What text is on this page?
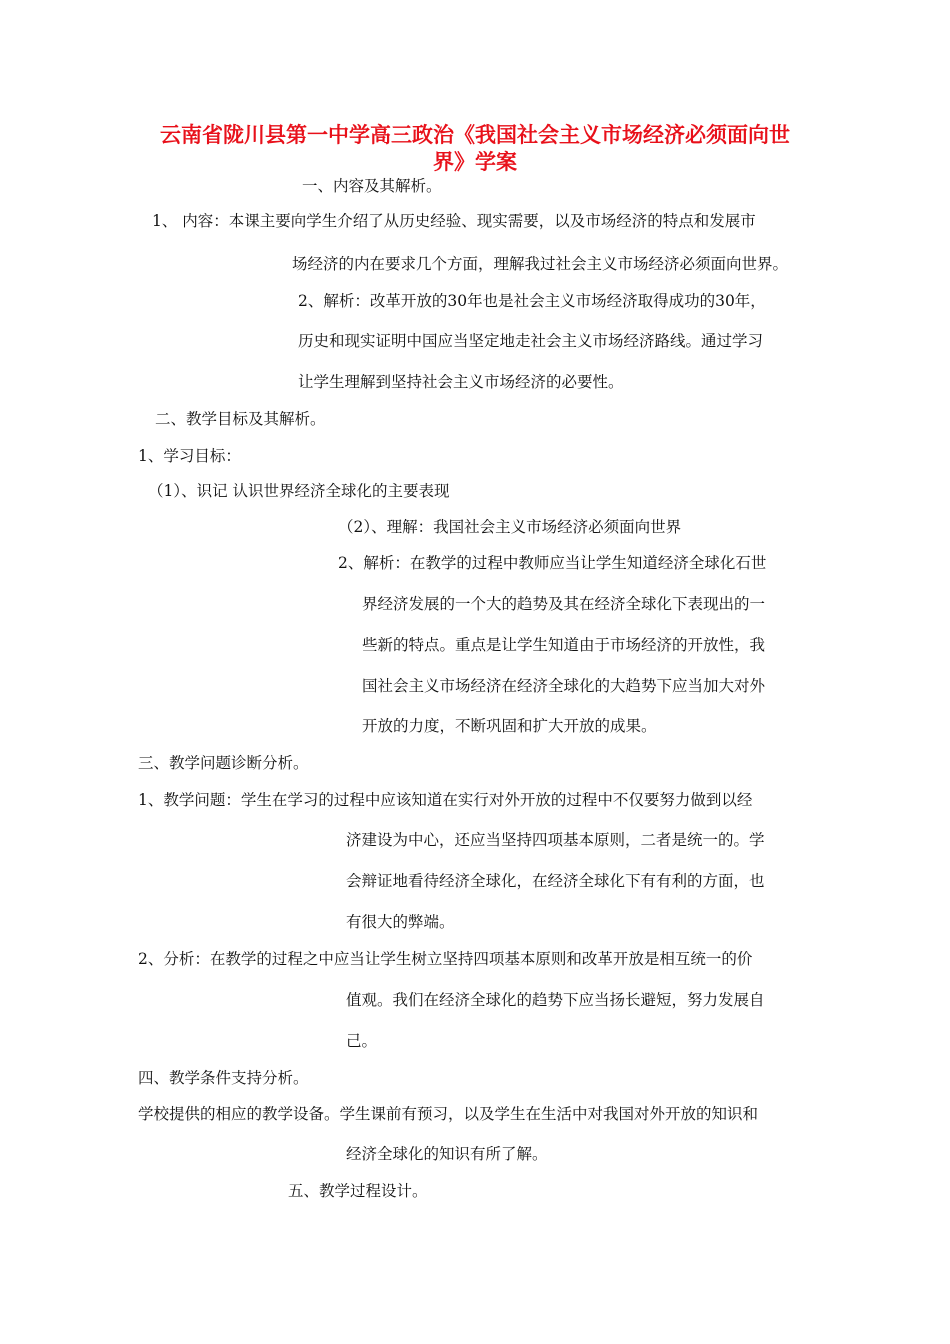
云南省陇川县第一中学高三政治《我国社会主义市场经济必须面向世
界》学案
一、内容及其解析。
1、 内容：本课主要向学生介绍了从历史经验、现实需要，以及市场经济的特点和发展市
场经济的内在要求几个方面，理解我过社会主义市场经济必须面向世界。
2、解析：改革开放的30年也是社会主义市场经济取得成功的30年，
历史和现实证明中国应当坚定地走社会主义市场经济路线。通过学习
让学生理解到坚持社会主义市场经济的必要性。
二、教学目标及其解析。
1、学习目标：
（1）、识记 认识世界经济全球化的主要表现
（2）、理解：我国社会主义市场经济必须面向世界
2、解析：在教学的过程中教师应当让学生知道经济全球化石世
界经济发展的一个大的趋势及其在经济全球化下表现出的一
些新的特点。重点是让学生知道由于市场经济的开放性，我
国社会主义市场经济在经济全球化的大趋势下应当加大对外
开放的力度，不断巩固和扩大开放的成果。
三、教学问题诊断分析。
1、教学问题：学生在学习的过程中应该知道在实行对外开放的过程中不仅要努力做到以经
济建设为中心，还应当坚持四项基本原则，二者是统一的。学
会辩证地看待经济全球化，在经济全球化下有有利的方面，也
有很大的弊端。
2、分析：在教学的过程之中应当让学生树立坚持四项基本原则和改革开放是相互统一的价
值观。我们在经济全球化的趋势下应当扬长避短，努力发展自
己。
四、教学条件支持分析。
学校提供的相应的教学设备。学生课前有预习，以及学生在生活中对我国对外开放的知识和
经济全球化的知识有所了解。
五、教学过程设计。
